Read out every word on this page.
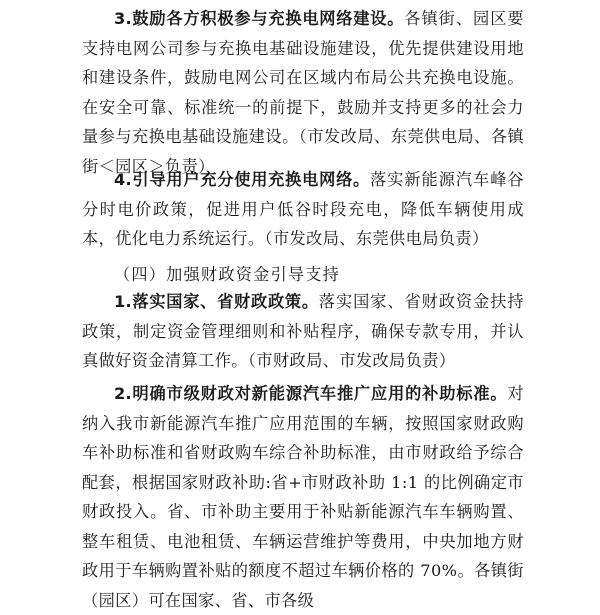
3.鼓励各方积极参与充换电网络建设。各镇街、园区要支持电网公司参与充换电基础设施建设，优先提供建设用地和建设条件，鼓励电网公司在区域内布局公共充换电设施。在安全可靠、标准统一的前提下，鼓励并支持更多的社会力量参与充换电基础设施建设。（市发改局、东莞供电局、各镇街＜园区＞负责）

4.引导用户充分使用充换电网络。落实新能源汽车峰谷分时电价政策，促进用户低谷时段充电，降低车辆使用成本，优化电力系统运行。（市发改局、东莞供电局负责）

（四）加强财政资金引导支持

1.落实国家、省财政政策。落实国家、省财政资金扶持政策，制定资金管理细则和补贴程序，确保专款专用，并认真做好资金清算工作。（市财政局、市发改局负责）

2.明确市级财政对新能源汽车推广应用的补助标准。对纳入我市新能源汽车推广应用范围的车辆，按照国家财政购车补助标准和省财政购车综合补助标准，由市财政给予综合配套，根据国家财政补助:省+市财政补助 1:1 的比例确定市财政投入。省、市补助主要用于补贴新能源汽车车辆购置、整车租赁、电池租赁、车辆运营维护等费用，中央加地方财政用于车辆购置补贴的额度不超过车辆价格的 70%。各镇街（园区）可在国家、省、市各级
